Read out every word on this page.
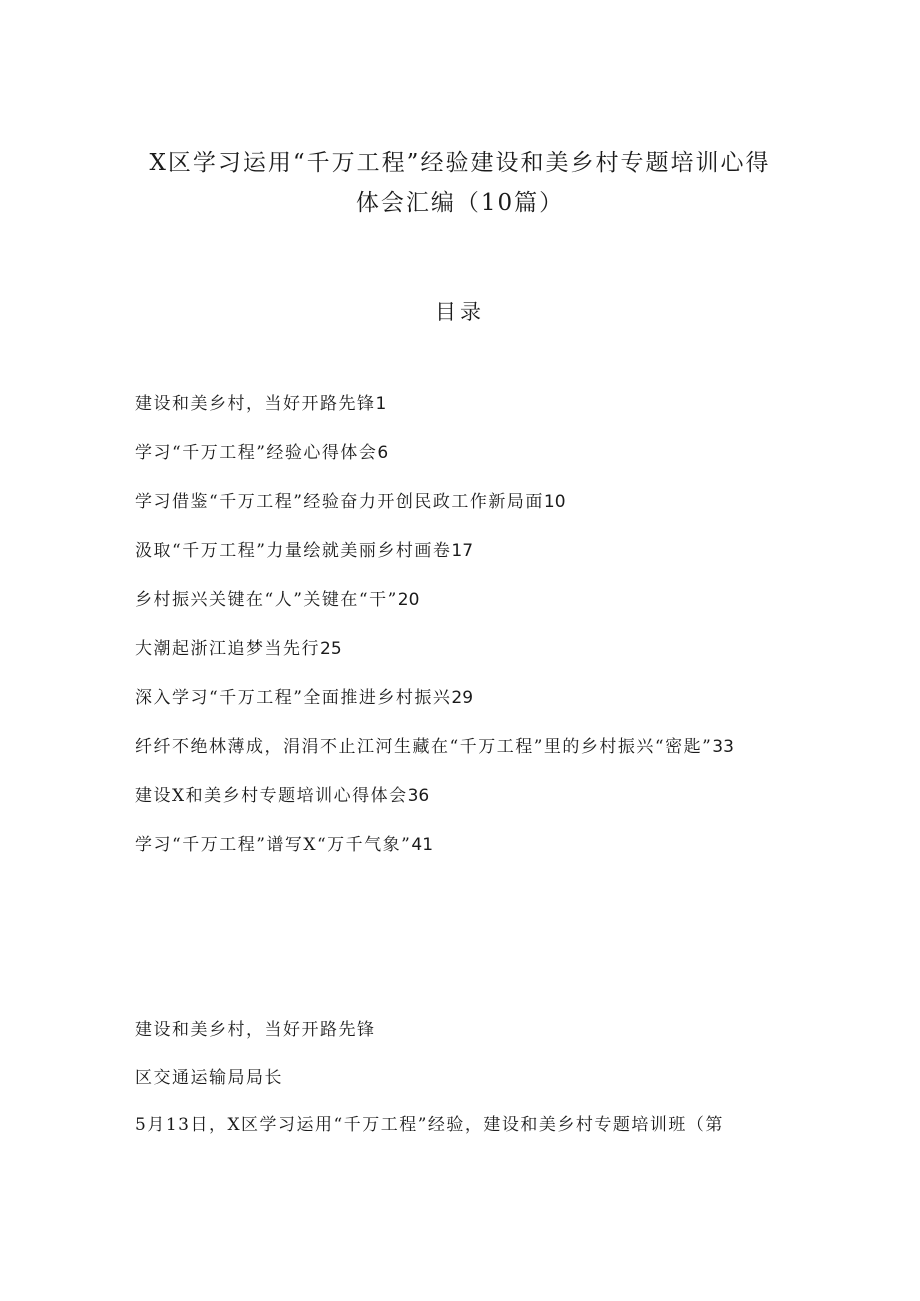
X区学习运用“千万工程”经验建设和美乡村专题培训心得
体会汇编（10篇）
目录
建设和美乡村，当好开路先锋1
学习“千万工程”经验心得体会6
学习借鉴“千万工程”经验奋力开创民政工作新局面10
汲取“千万工程”力量绘就美丽乡村画卷17
乡村振兴关键在“人”关键在“干”20
大潮起浙江追梦当先行25
深入学习“千万工程”全面推进乡村振兴29
纤纤不绝林薄成，涓涓不止江河生藏在“千万工程”里的乡村振兴“密匙”33
建设X和美乡村专题培训心得体会36
学习“千万工程”谱写X“万千气象”41
建设和美乡村，当好开路先锋
区交通运输局局长
5月13日，X区学习运用“千万工程”经验，建设和美乡村专题培训班（第
